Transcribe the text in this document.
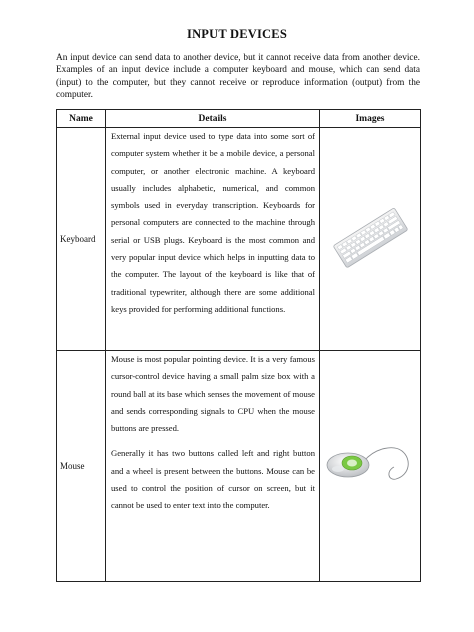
INPUT DEVICES
An input device can send data to another device, but it cannot receive data from another device. Examples of an input device include a computer keyboard and mouse, which can send data (input) to the computer, but they cannot receive or reproduce information (output) from the computer.
Name	Details	Images
Keyboard	External input device used to type data into some sort of computer system whether it be a mobile device, a personal computer, or another electronic machine. A keyboard usually includes alphabetic, numerical, and common symbols used in everyday transcription. Keyboards for personal computers are connected to the machine through serial or USB plugs. Keyboard is the most common and very popular input device which helps in inputting data to the computer. The layout of the keyboard is like that of traditional typewriter, although there are some additional keys provided for performing additional functions.

Mouse	Mouse is most popular pointing device. It is a very famous cursor-control device having a small palm size box with a round ball at its base which senses the movement of mouse and sends corresponding signals to CPU when the mouse buttons are pressed.

Generally it has two buttons called left and right button and a wheel is present between the buttons. Mouse can be used to control the position of cursor on screen, but it cannot be used to enter text into the computer.
